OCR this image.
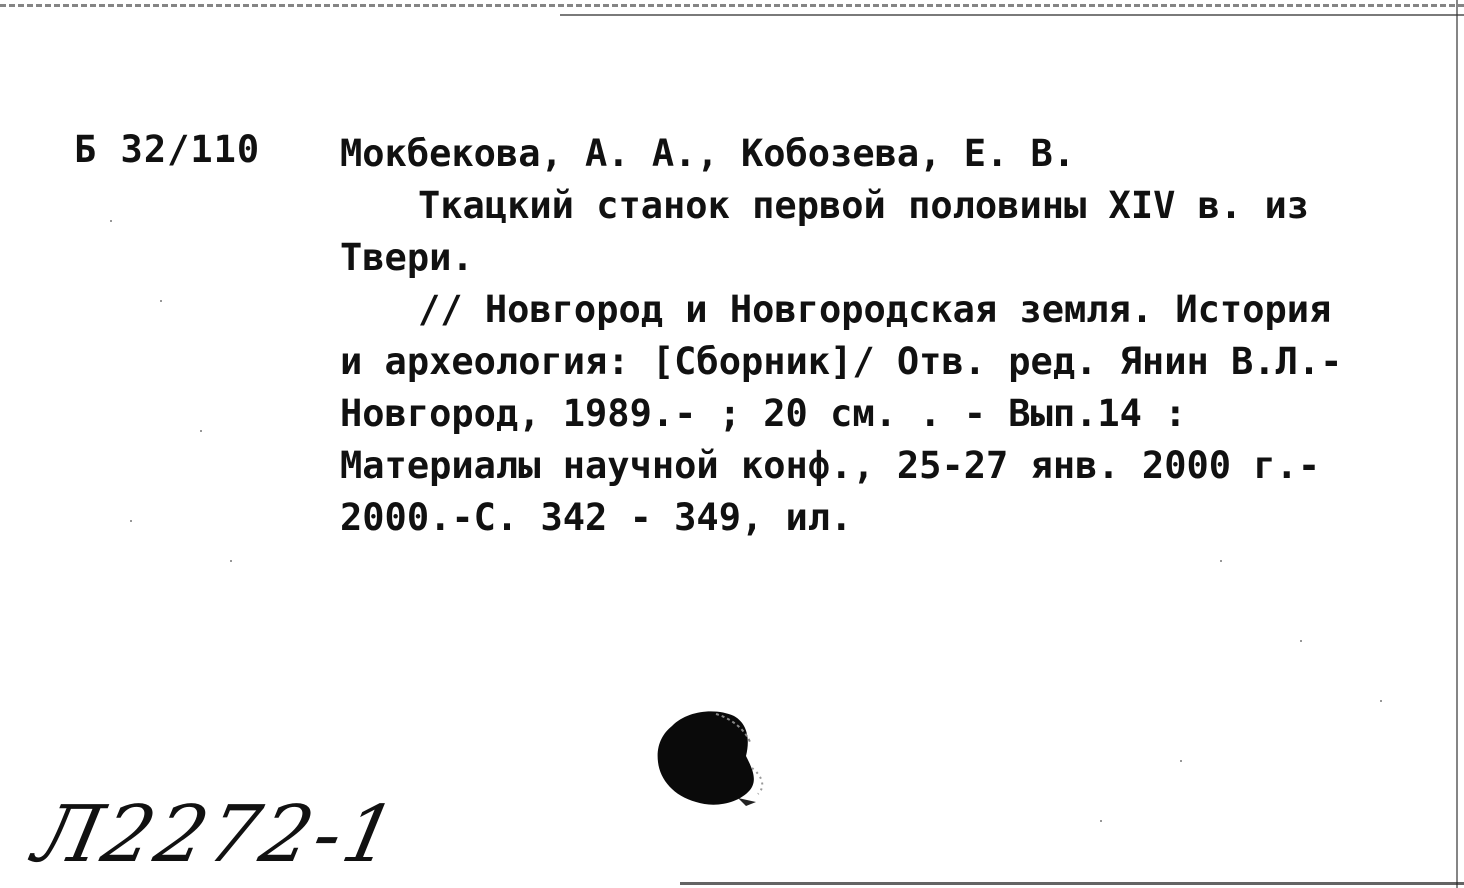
Б 32/110 Мокбекова, А. А., Кобозева, Е. В.
Ткацкий станок первой половины XIV в. из
Твери.
// Новгород и Новгородская земля. История
и археология: [Сборник]/ Отв. ред. Янин В.Л.-
Новгород, 1989.- ; 20 см. . - Вып.14 :
Материалы научной конф., 25-27 янв. 2000 г.-
2000.-С. 342 - 349, ил.
Л2272-1
